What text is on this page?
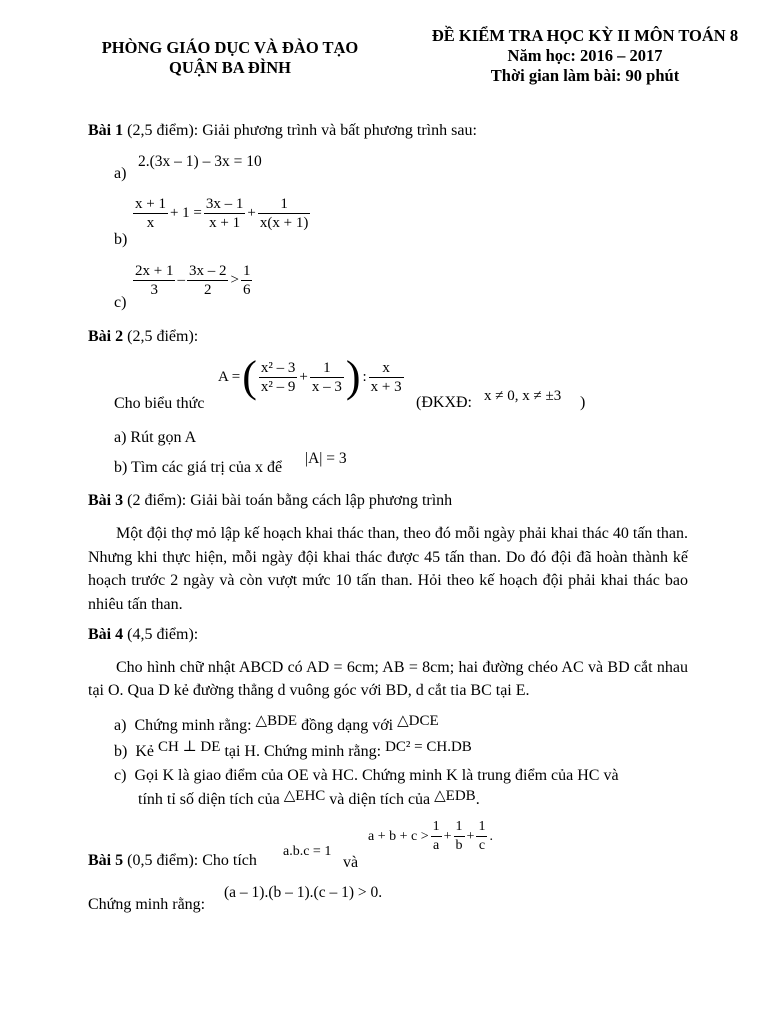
PHÒNG GIÁO DỤC VÀ ĐÀO TẠO
QUẬN BA ĐÌNH
ĐỀ KIỂM TRA HỌC KỲ II MÔN TOÁN 8
Năm học: 2016 – 2017
Thời gian làm bài: 90 phút
Bài 1 (2,5 điểm): Giải phương trình và bất phương trình sau:
a)
2.(3x – 1) – 3x = 10
b)
$\frac{x + 1}{x} + 1 = \frac{3x - 1}{x + 1} + \frac{1}{x(x + 1)}$
c)
$\frac{2x + 1}{3} - \frac{3x - 2}{2} > \frac{1}{6}$
Bài 2 (2,5 điểm):
Cho biểu thức
A = ( $\frac{\text{x² – 3}}{\text{x² – 9}} + \frac{1}{x - 3}$ ) : $\frac{x}{x + 3}$
(ĐKXĐ: x ≠ 0, x ≠ ±3 )
a) Rút gọn A
b) Tìm các giá trị của x để
|A| = 3
Bài 3 (2 điểm): Giải bài toán bằng cách lập phương trình
Một đội thợ mỏ lập kế hoạch khai thác than, theo đó mỗi ngày phải khai thác 40 tấn than. Nhưng khi thực hiện, mỗi ngày đội khai thác được 45 tấn than. Do đó đội đã hoàn thành kế hoạch trước 2 ngày và còn vượt mức 10 tấn than. Hỏi theo kế hoạch đội phải khai thác bao nhiêu tấn than.
Bài 4 (4,5 điểm):
Cho hình chữ nhật ABCD có AD = 6cm; AB = 8cm; hai đường chéo AC và BD cắt nhau tại O. Qua D kẻ đường thẳng d vuông góc với BD, d cắt tia BC tại E.
a) Chứng minh rằng: △BDE đồng dạng với △DCE
b) Kẻ CH ⊥ DE tại H. Chứng minh rằng: DC² = CH.DB
c) Gọi K là giao điểm của OE và HC. Chứng minh K là trung điểm của HC và
tính tỉ số diện tích của △EHC và diện tích của △EDB.
Bài 5 (0,5 điểm): Cho tích
a.b.c = 1
và
$a + b + c > \frac{1}{a} + \frac{1}{b} + \frac{1}{c}$ .
Chứng minh rằng:
(a – 1).(b – 1).(c – 1) > 0.
